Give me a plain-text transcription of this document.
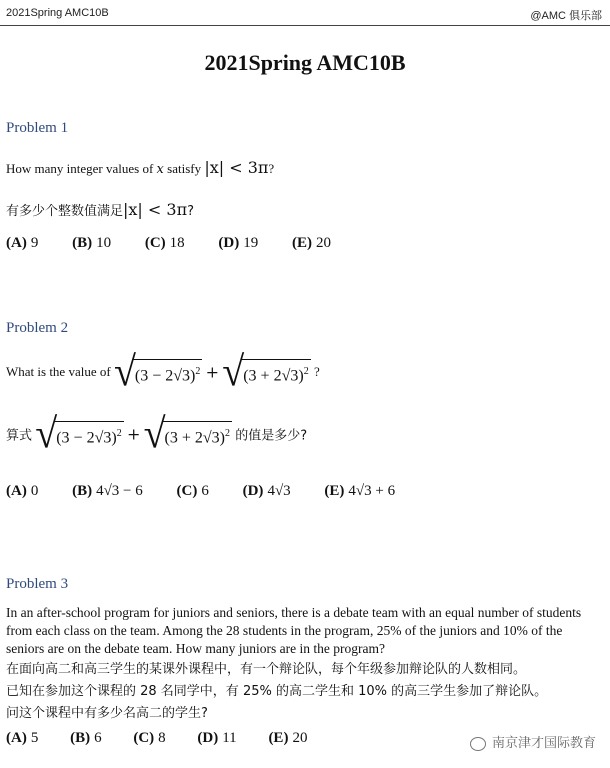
2021Spring AMC10B	@AMC 俱乐部
2021Spring AMC10B
Problem 1
How many integer values of x satisfy |x| < 3π?
有多少个整数值满足|x| < 3π?
(A) 9 (B) 10 (C) 18 (D) 19 (E) 20
Problem 2
What is the value of $√(3 - 2√3)^2 + √(3 + 2√3)^2$ ?
算式 $√(3 - 2√3)^2 + √(3 + 2√3)^2$ 的值是多少?
(A) 0 (B) 4√3 − 6 (C) 6 (D) 4√3 (E) 4√3 + 6
Problem 3
In an after-school program for juniors and seniors, there is a debate team with an equal number of students from each class on the team. Among the 28 students in the program, 25% of the juniors and 10% of the seniors are on the debate team. How many juniors are in the program?
在面向高二和高三学生的某课外课程中，有一个辩论队，每个年级参加辩论队的人数相同。
已知在参加这个课程的 28 名同学中，有 25% 的高二学生和 10% 的高三学生参加了辩论队。
问这个课程中有多少名高二的学生?
(A) 5 (B) 6 (C) 8 (D) 11 (E) 20	南京津才国际教育
